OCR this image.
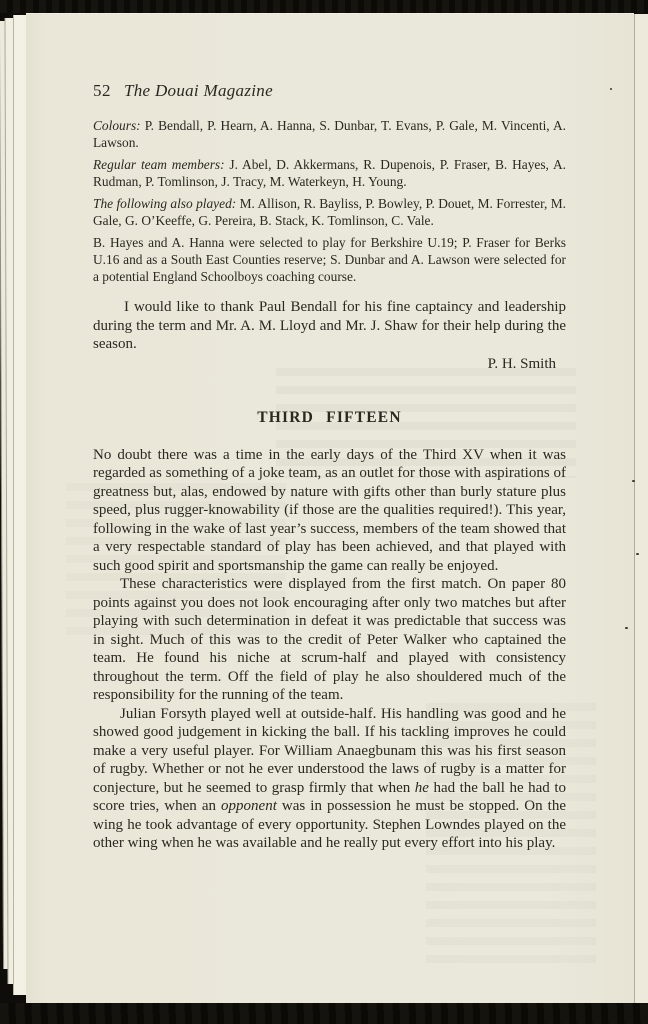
52 The Douai Magazine

Colours: P. Bendall, P. Hearn, A. Hanna, S. Dunbar, T. Evans, P. Gale, M. Vincenti, A. Lawson.

Regular team members: J. Abel, D. Akkermans, R. Dupenois, P. Fraser, B. Hayes, A. Rudman, P. Tomlinson, J. Tracy, M. Waterkeyn, H. Young.

The following also played: M. Allison, R. Bayliss, P. Bowley, P. Douet, M. Forrester, M. Gale, G. O’Keeffe, G. Pereira, B. Stack, K. Tomlinson, C. Vale.

B. Hayes and A. Hanna were selected to play for Berkshire U.19; P. Fraser for Berks U.16 and as a South East Counties reserve; S. Dunbar and A. Lawson were selected for a potential England Schoolboys coaching course.

I would like to thank Paul Bendall for his fine captaincy and leadership during the term and Mr. A. M. Lloyd and Mr. J. Shaw for their help during the season.

P. H. Smith
THIRD FIFTEEN

No doubt there was a time in the early days of the Third XV when it was regarded as something of a joke team, as an outlet for those with aspirations of greatness but, alas, endowed by nature with gifts other than burly stature plus speed, plus rugger-knowability (if those are the qualities required!). This year, following in the wake of last year’s success, members of the team showed that a very respectable standard of play has been achieved, and that played with such good spirit and sportsmanship the game can really be enjoyed.

These characteristics were displayed from the first match. On paper 80 points against you does not look encouraging after only two matches but after playing with such determination in defeat it was predictable that success was in sight. Much of this was to the credit of Peter Walker who captained the team. He found his niche at scrum-half and played with consistency throughout the term. Off the field of play he also shouldered much of the responsibility for the running of the team.

Julian Forsyth played well at outside-half. His handling was good and he showed good judgement in kicking the ball. If his tackling improves he could make a very useful player. For William Anaegbunam this was his first season of rugby. Whether or not he ever understood the laws of rugby is a matter for conjecture, but he seemed to grasp firmly that when he had the ball he had to score tries, when an opponent was in possession he must be stopped. On the wing he took advantage of every opportunity. Stephen Lowndes played on the other wing when he was available and he really put every effort into his play.
